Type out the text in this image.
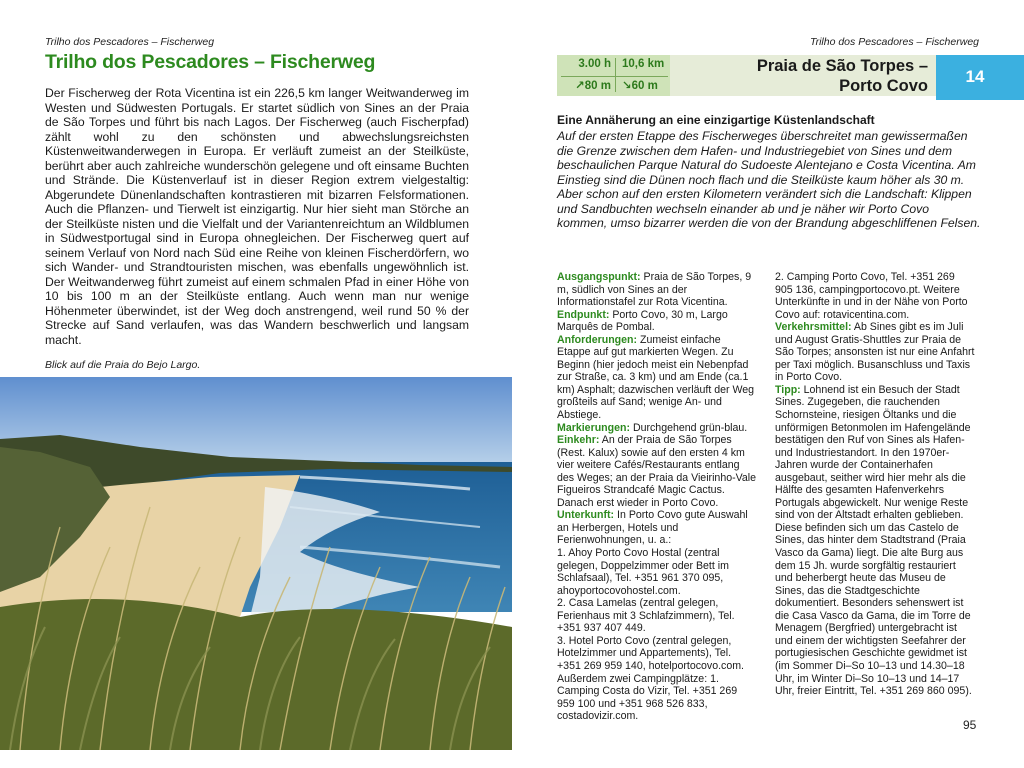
Trilho dos Pescadores – Fischerweg
Trilho dos Pescadores – Fischerweg
Der Fischerweg der Rota Vicentina ist ein 226,5 km langer Weitwanderweg im Westen und Südwesten Portugals. Er startet südlich von Sines an der Praia de São Torpes und führt bis nach Lagos. Der Fischerweg (auch Fischerpfad) zählt wohl zu den schönsten und abwechslungsreichsten Küstenweitwanderwegen in Europa. Er verläuft zumeist an der Steilküste, berührt aber auch zahlreiche wunderschön gelegene und oft einsame Buchten und Strände. Die Küstenverlauf ist in dieser Region extrem vielgestaltig: Abgerundete Dünenlandschaften kontrastieren mit bizarren Felsformationen. Auch die Pflanzen- und Tierwelt ist einzigartig. Nur hier sieht man Störche an der Steilküste nisten und die Vielfalt und der Variantenreichtum an Wildblumen in Südwestportugal sind in Europa ohnegleichen. Der Fischerweg quert auf seinem Verlauf von Nord nach Süd eine Reihe von kleinen Fischerdörfern, wo sich Wander- und Strandtouristen mischen, was ebenfalls ungewöhnlich ist. Der Weitwanderweg führt zumeist auf einem schmalen Pfad in einer Höhe von 10 bis 100 m an der Steilküste entlang. Auch wenn man nur wenige Höhenmeter überwindet, ist der Weg doch anstrengend, weil rund 50 % der Strecke auf Sand verlaufen, was das Wandern beschwerlich und langsam macht.
Blick auf die Praia do Bejo Largo.
Trilho dos Pescadores – Fischerweg
3.00 h 10,6 km
↗80 m ↘60 m
Praia de São Torpes –
Porto Covo	14
Eine Annäherung an eine einzigartige Küstenlandschaft
Auf der ersten Etappe des Fischerweges überschreitet man gewissermaßen die Grenze zwischen dem Hafen- und Industriegebiet von Sines und dem beschaulichen Parque Natural do Sudoeste Alentejano e Costa Vicentina. Am Einstieg sind die Dünen noch flach und die Steilküste kaum höher als 30 m. Aber schon auf den ersten Kilometern verändert sich die Landschaft: Klippen und Sandbuchten wechseln einander ab und je näher wir Porto Covo kommen, umso bizarrer werden die von der Brandung abgeschliffenen Felsen.

Ausgangspunkt: Praia de São Torpes, 9 m, südlich von Sines an der Informationstafel zur Rota Vicentina.

Endpunkt: Porto Covo, 30 m, Largo Marquês de Pombal.

Anforderungen: Zumeist einfache Etappe auf gut markierten Wegen. Zu Beginn (hier jedoch meist ein Nebenpfad zur Straße, ca. 3 km) und am Ende (ca.1 km) Asphalt; dazwischen verläuft der Weg großteils auf Sand; wenige An- und Abstiege.

Markierungen: Durchgehend grün-blau.

Einkehr: An der Praia de São Torpes (Rest. Kalux) sowie auf den ersten 4 km vier weitere Cafés/Restaurants entlang des Weges; an der Praia da Vieirinho-Vale Figueiros Strandcafé Magic Cactus. Danach erst wieder in Porto Covo.

Unterkunft: In Porto Covo gute Auswahl an Herbergen, Hotels und Ferienwohnungen, u. a.:

1. Ahoy Porto Covo Hostal (zentral gelegen, Doppelzimmer oder Bett im Schlafsaal), Tel. +351 961 370 095, ahoyportocovohostel.com.

2. Casa Lamelas (zentral gelegen, Ferienhaus mit 3 Schlafzimmern), Tel. +351 937 407 449.

3. Hotel Porto Covo (zentral gelegen, Hotelzimmer und Appartements), Tel. +351 269 959 140, hotelportocovo.com. Außerdem zwei Campingplätze: 1. Camping Costa do Vizir, Tel. +351 269 959 100 und +351 968 526 833, costadovizir.com.

2. Camping Porto Covo, Tel. +351 269 905 136, campingportocovo.pt. Weitere Unterkünfte in und in der Nähe von Porto Covo auf: rotavicentina.com.

Verkehrsmittel: Ab Sines gibt es im Juli und August Gratis-Shuttles zur Praia de São Torpes; ansonsten ist nur eine Anfahrt per Taxi möglich. Busanschluss und Taxis in Porto Covo.

Tipp: Lohnend ist ein Besuch der Stadt Sines. Zugegeben, die rauchenden Schornsteine, riesigen Öltanks und die unförmigen Betonmolen im Hafengelände bestätigen den Ruf von Sines als Hafen- und Industriestandort. In den 1970er-Jahren wurde der Containerhafen ausgebaut, seither wird hier mehr als die Hälfte des gesamten Hafenverkehrs Portugals abgewickelt. Nur wenige Reste sind von der Altstadt erhalten geblieben. Diese befinden sich um das Castelo de Sines, das hinter dem Stadtstrand (Praia Vasco da Gama) liegt. Die alte Burg aus dem 15 Jh. wurde sorgfältig restauriert und beherbergt heute das Museu de Sines, das die Stadtgeschichte dokumentiert. Besonders sehenswert ist die Casa Vasco da Gama, die im Torre de Menagem (Bergfried) untergebracht ist und einem der wichtigsten Seefahrer der portugiesischen Geschichte gewidmet ist (im Sommer Di–So 10–13 und 14.30–18 Uhr, im Winter Di–So 10–13 und 14–17 Uhr, freier Eintritt, Tel. +351 269 860 095).

95
